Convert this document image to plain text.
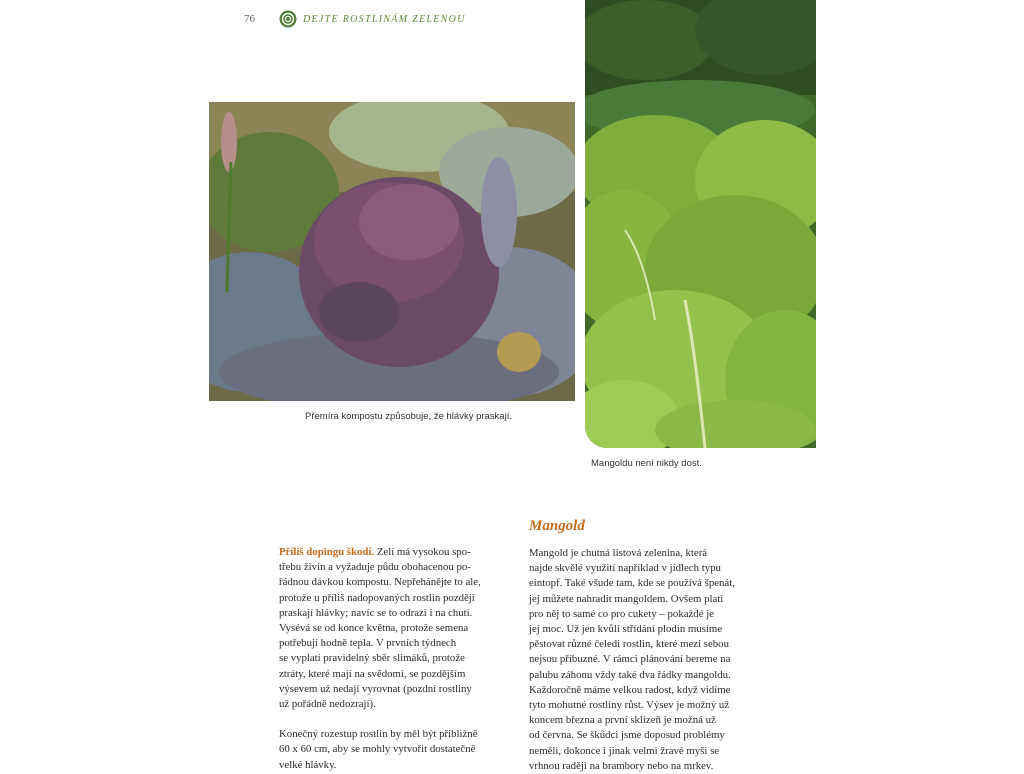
76	DEJTE ROSTLINÁM ZELENOU
Přemíra kompostu způsobuje, že hlávky praskají.
Mangoldu není nikdy dost.
Mangold
Příliš dopingu škodí. Zelí má vysokou spo-
třebu živin a vyžaduje půdu obohacenou po-
řádnou dávkou kompostu. Nepřehánějte to ale,
protože u příliš nadopovaných rostlin později
praskají hlávky; navíc se to odrazí i na chuti.
Vysévá se od konce května, protože semena
potřebují hodně tepla. V prvních týdnech
se vyplatí pravidelný sběr slimáků, protože
ztráty, které mají na svědomí, se pozdějším
výsevem už nedají vyrovnat (pozdní rostliny
už pořádně nedozrají).
Konečný rozestup rostlin by měl být přibližně
60 x 60 cm, aby se mohly vytvořit dostatečně
velké hlávky.
Mangold je chutná listová zelenina, která
najde skvělé využití například v jídlech typu
eintopf. Také všude tam, kde se používá špenát,
jej můžete nahradit mangoldem. Ovšem platí
pro něj to samé co pro cukety – pokaždé je
jej moc. Už jen kvůli střídání plodin musíme
pěstovat různé čeledi rostlin, které mezi sebou
nejsou příbuzné. V rámci plánování bereme na
palubu záhonu vždy také dva řádky mangoldu.
Každoročně máme velkou radost, když vidíme
tyto mohutné rostliny růst. Výsev je možný už
koncem března a první sklizeň je možná už
od června. Se škůdci jsme doposud problémy
neměli, dokonce i jinak velmi žravé myši se
vrhnou raději na brambory nebo na mrkev.
